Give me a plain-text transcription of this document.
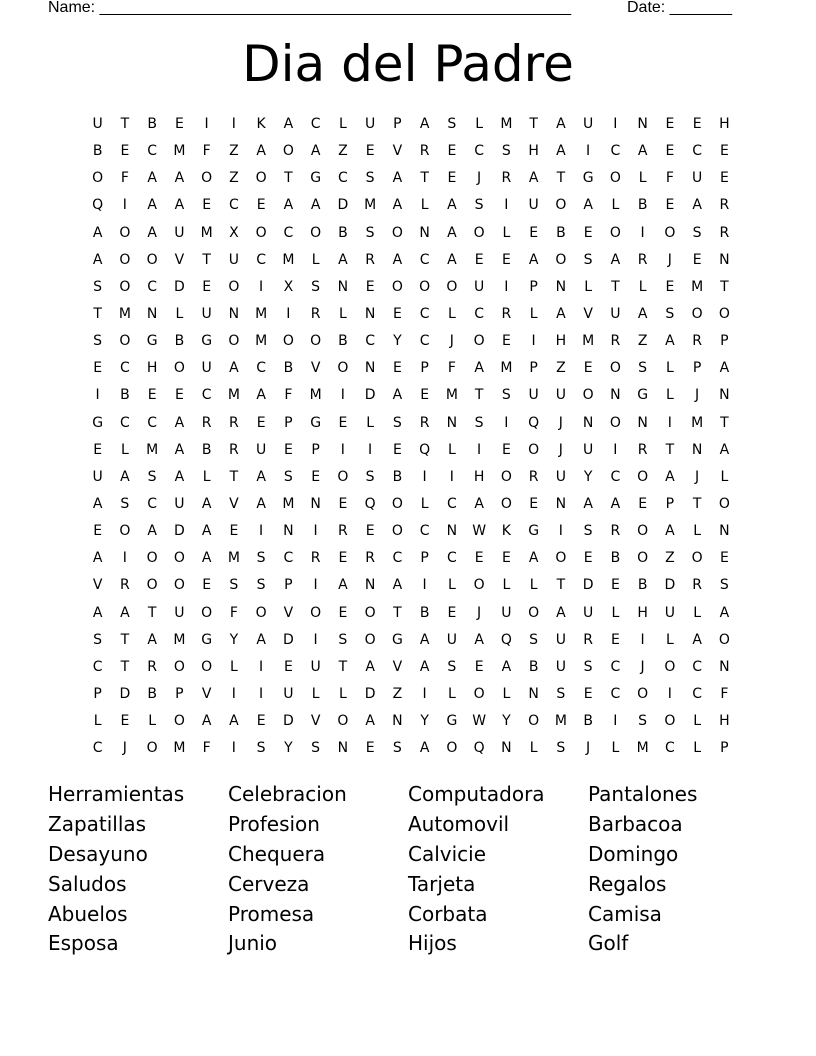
Name: _____________________________________________________	Date: _______
Dia del Padre
U	T	B	E	I	I	K	A	C	L	U	P	A	S	L	M	T	A	U	I	N	E	E	H
B	E	C	M	F	Z	A	O	A	Z	E	V	R	E	C	S	H	A	I	C	A	E	C	E
O	F	A	A	O	Z	O	T	G	C	S	A	T	E	J	R	A	T	G	O	L	F	U	E
Q	I	A	A	E	C	E	A	A	D	M	A	L	A	S	I	U	O	A	L	B	E	A	R
A	O	A	U	M	X	O	C	O	B	S	O	N	A	O	L	E	B	E	O	I	O	S	R
A	O	O	V	T	U	C	M	L	A	R	A	C	A	E	E	A	O	S	A	R	J	E	N
S	O	C	D	E	O	I	X	S	N	E	O	O	O	U	I	P	N	L	T	L	E	M	T
T	M	N	L	U	N	M	I	R	L	N	E	C	L	C	R	L	A	V	U	A	S	O	O
S	O	G	B	G	O	M	O	O	B	C	Y	C	J	O	E	I	H	M	R	Z	A	R	P
E	C	H	O	U	A	C	B	V	O	N	E	P	F	A	M	P	Z	E	O	S	L	P	A
I	B	E	E	C	M	A	F	M	I	D	A	E	M	T	S	U	U	O	N	G	L	J	N
G	C	C	A	R	R	E	P	G	E	L	S	R	N	S	I	Q	J	N	O	N	I	M	T
E	L	M	A	B	R	U	E	P	I	I	E	Q	L	I	E	O	J	U	I	R	T	N	A
U	A	S	A	L	T	A	S	E	O	S	B	I	I	H	O	R	U	Y	C	O	A	J	L
A	S	C	U	A	V	A	M	N	E	Q	O	L	C	A	O	E	N	A	A	E	P	T	O
E	O	A	D	A	E	I	N	I	R	E	O	C	N	W	K	G	I	S	R	O	A	L	N
A	I	O	O	A	M	S	C	R	E	R	C	P	C	E	E	A	O	E	B	O	Z	O	E
V	R	O	O	E	S	S	P	I	A	N	A	I	L	O	L	L	T	D	E	B	D	R	S
A	A	T	U	O	F	O	V	O	E	O	T	B	E	J	U	O	A	U	L	H	U	L	A
S	T	A	M	G	Y	A	D	I	S	O	G	A	U	A	Q	S	U	R	E	I	L	A	O
C	T	R	O	O	L	I	E	U	T	A	V	A	S	E	A	B	U	S	C	J	O	C	N
P	D	B	P	V	I	I	U	L	L	D	Z	I	L	O	L	N	S	E	C	O	I	C	F
L	E	L	O	A	A	E	D	V	O	A	N	Y	G	W	Y	O	M	B	I	S	O	L	H
C	J	O	M	F	I	S	Y	S	N	E	S	A	O	Q	N	L	S	J	L	M	C	L	P
Herramientas	Celebracion	Computadora	Pantalones
Zapatillas	Profesion	Automovil	Barbacoa
Desayuno	Chequera	Calvicie	Domingo
Saludos	Cerveza	Tarjeta	Regalos
Abuelos	Promesa	Corbata	Camisa
Esposa	Junio	Hijos	Golf
